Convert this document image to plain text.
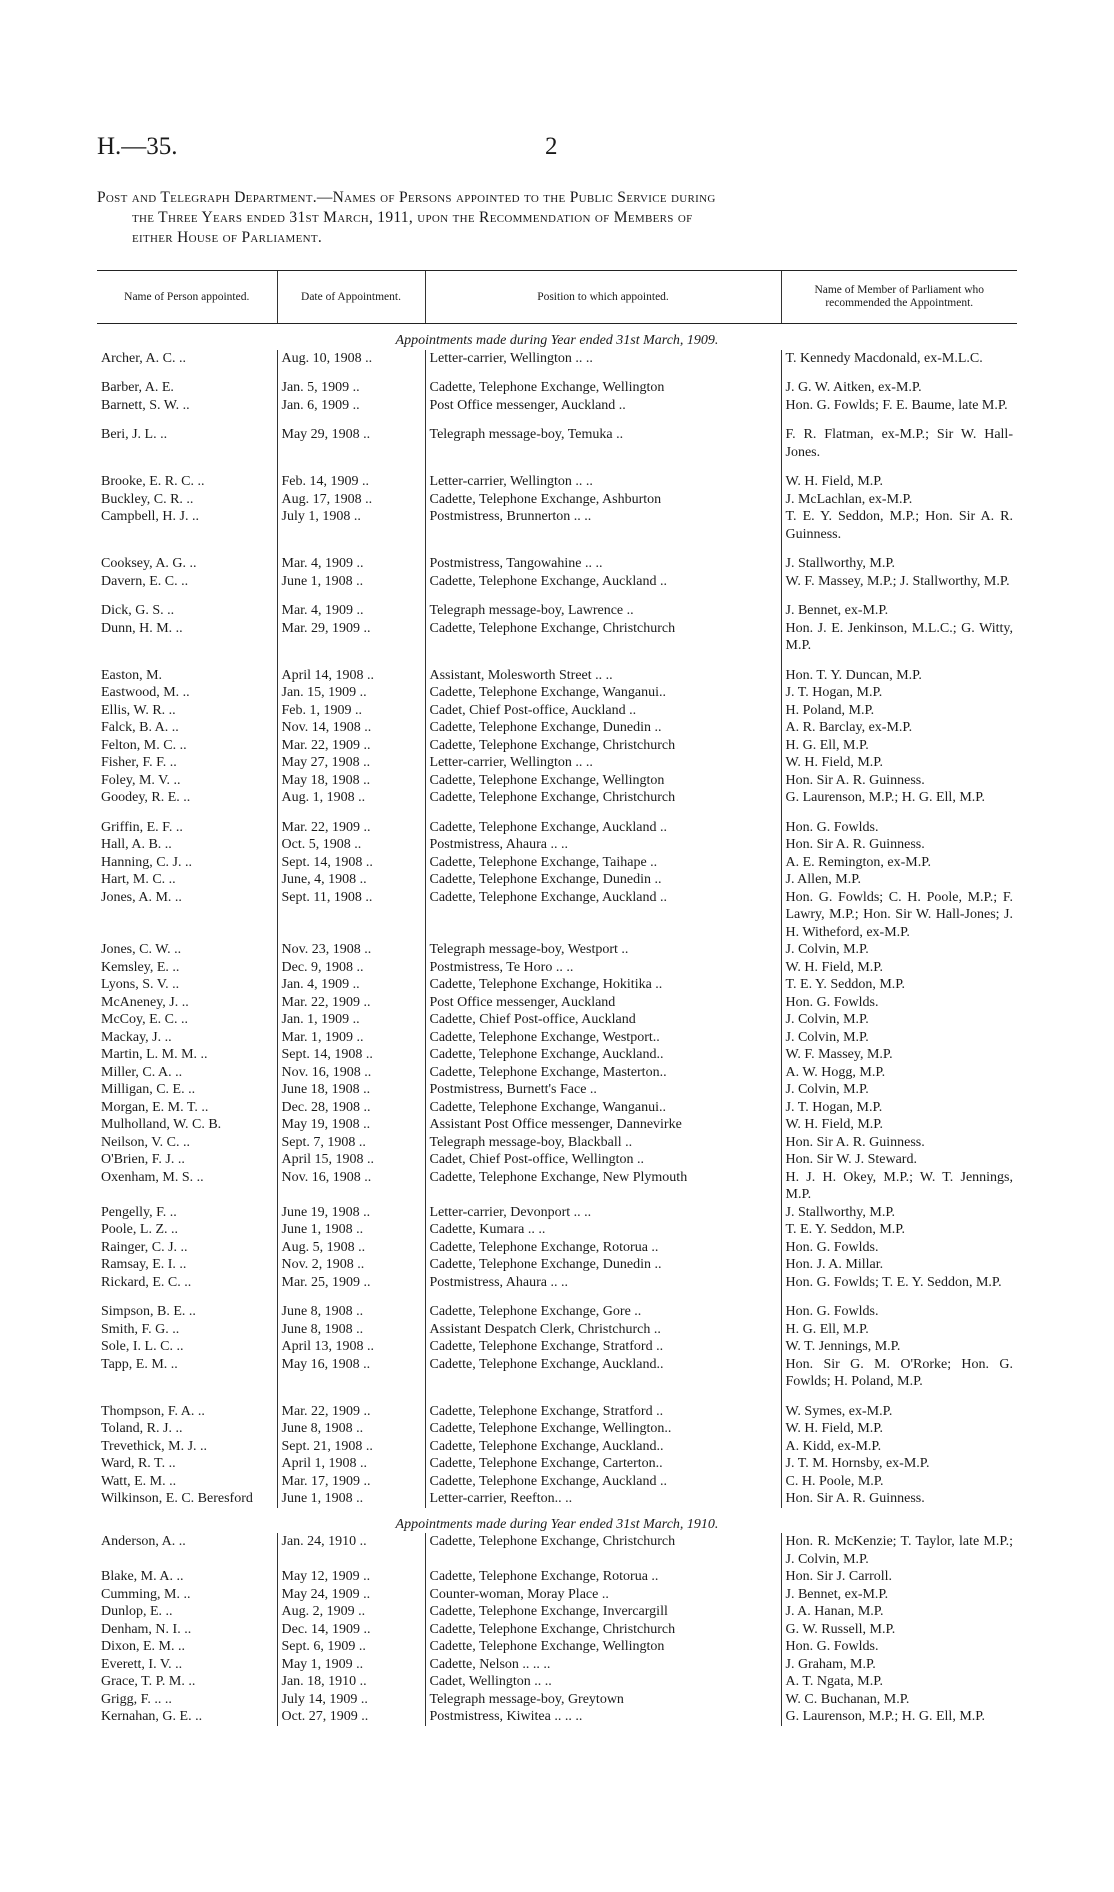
H.—35.	2
Post and Telegraph Department.—Names of Persons appointed to the Public Service during
the Three Years ended 31st March, 1911, upon the Recommendation of Members of
either House of Parliament.
Name of Person appointed.	Date of Appointment.	Position to which appointed.	Name of Member of Parliament who recommended the Appointment.
Appointments made during Year ended 31st March, 1909.			
Archer, A. C. ..	Aug. 10, 1908 ..	Letter-carrier, Wellington .. ..	T. Kennedy Macdonald, ex-M.L.C.
Barber, A. E.	Jan. 5, 1909 ..	Cadette, Telephone Exchange, Wellington	J. G. W. Aitken, ex-M.P.
Barnett, S. W. ..	Jan. 6, 1909 ..	Post Office messenger, Auckland ..	Hon. G. Fowlds; F. E. Baume, late M.P.
Beri, J. L. ..	May 29, 1908 ..	Telegraph message-boy, Temuka ..	F. R. Flatman, ex-M.P.; Sir W. Hall-Jones.
Brooke, E. R. C. ..	Feb. 14, 1909 ..	Letter-carrier, Wellington .. ..	W. H. Field, M.P.
Buckley, C. R. ..	Aug. 17, 1908 ..	Cadette, Telephone Exchange, Ashburton	J. McLachlan, ex-M.P.
Campbell, H. J. ..	July 1, 1908 ..	Postmistress, Brunnerton .. ..	T. E. Y. Seddon, M.P.; Hon. Sir A. R. Guinness.
Cooksey, A. G. ..	Mar. 4, 1909 ..	Postmistress, Tangowahine .. ..	J. Stallworthy, M.P.
Davern, E. C. ..	June 1, 1908 ..	Cadette, Telephone Exchange, Auckland ..	W. F. Massey, M.P.; J. Stallworthy, M.P.
Dick, G. S. ..	Mar. 4, 1909 ..	Telegraph message-boy, Lawrence ..	J. Bennet, ex-M.P.
Dunn, H. M. ..	Mar. 29, 1909 ..	Cadette, Telephone Exchange, Christchurch	Hon. J. E. Jenkinson, M.L.C.; G. Witty, M.P.
Easton, M.	April 14, 1908 ..	Assistant, Molesworth Street .. ..	Hon. T. Y. Duncan, M.P.
Eastwood, M. ..	Jan. 15, 1909 ..	Cadette, Telephone Exchange, Wanganui..	J. T. Hogan, M.P.
Ellis, W. R. ..	Feb. 1, 1909 ..	Cadet, Chief Post-office, Auckland ..	H. Poland, M.P.
Falck, B. A. ..	Nov. 14, 1908 ..	Cadette, Telephone Exchange, Dunedin ..	A. R. Barclay, ex-M.P.
Felton, M. C. ..	Mar. 22, 1909 ..	Cadette, Telephone Exchange, Christchurch	H. G. Ell, M.P.
Fisher, F. F. ..	May 27, 1908 ..	Letter-carrier, Wellington .. ..	W. H. Field, M.P.
Foley, M. V. ..	May 18, 1908 ..	Cadette, Telephone Exchange, Wellington	Hon. Sir A. R. Guinness.
Goodey, R. E. ..	Aug. 1, 1908 ..	Cadette, Telephone Exchange, Christchurch	G. Laurenson, M.P.; H. G. Ell, M.P.
Griffin, E. F. ..	Mar. 22, 1909 ..	Cadette, Telephone Exchange, Auckland ..	Hon. G. Fowlds.
Hall, A. B. ..	Oct. 5, 1908 ..	Postmistress, Ahaura .. ..	Hon. Sir A. R. Guinness.
Hanning, C. J. ..	Sept. 14, 1908 ..	Cadette, Telephone Exchange, Taihape ..	A. E. Remington, ex-M.P.
Hart, M. C. ..	June, 4, 1908 ..	Cadette, Telephone Exchange, Dunedin ..	J. Allen, M.P.
Jones, A. M. ..	Sept. 11, 1908 ..	Cadette, Telephone Exchange, Auckland ..	Hon. G. Fowlds; C. H. Poole, M.P.; F. Lawry, M.P.; Hon. Sir W. Hall-Jones; J. H. Witheford, ex-M.P.
Jones, C. W. ..	Nov. 23, 1908 ..	Telegraph message-boy, Westport ..	J. Colvin, M.P.
Kemsley, E. ..	Dec. 9, 1908 ..	Postmistress, Te Horo .. ..	W. H. Field, M.P.
Lyons, S. V. ..	Jan. 4, 1909 ..	Cadette, Telephone Exchange, Hokitika ..	T. E. Y. Seddon, M.P.
McAneney, J. ..	Mar. 22, 1909 ..	Post Office messenger, Auckland	Hon. G. Fowlds.
McCoy, E. C. ..	Jan. 1, 1909 ..	Cadette, Chief Post-office, Auckland	J. Colvin, M.P.
Mackay, J. ..	Mar. 1, 1909 ..	Cadette, Telephone Exchange, Westport..	J. Colvin, M.P.
Martin, L. M. M. ..	Sept. 14, 1908 ..	Cadette, Telephone Exchange, Auckland..	W. F. Massey, M.P.
Miller, C. A. ..	Nov. 16, 1908 ..	Cadette, Telephone Exchange, Masterton..	A. W. Hogg, M.P.
Milligan, C. E. ..	June 18, 1908 ..	Postmistress, Burnett's Face ..	J. Colvin, M.P.
Morgan, E. M. T. ..	Dec. 28, 1908 ..	Cadette, Telephone Exchange, Wanganui..	J. T. Hogan, M.P.
Mulholland, W. C. B.	May 19, 1908 ..	Assistant Post Office messenger, Dannevirke	W. H. Field, M.P.
Neilson, V. C. ..	Sept. 7, 1908 ..	Telegraph message-boy, Blackball ..	Hon. Sir A. R. Guinness.
O'Brien, F. J. ..	April 15, 1908 ..	Cadet, Chief Post-office, Wellington ..	Hon. Sir W. J. Steward.
Oxenham, M. S. ..	Nov. 16, 1908 ..	Cadette, Telephone Exchange, New Plymouth	H. J. H. Okey, M.P.; W. T. Jennings, M.P.
Pengelly, F. ..	June 19, 1908 ..	Letter-carrier, Devonport .. ..	J. Stallworthy, M.P.
Poole, L. Z. ..	June 1, 1908 ..	Cadette, Kumara .. ..	T. E. Y. Seddon, M.P.
Rainger, C. J. ..	Aug. 5, 1908 ..	Cadette, Telephone Exchange, Rotorua ..	Hon. G. Fowlds.
Ramsay, E. I. ..	Nov. 2, 1908 ..	Cadette, Telephone Exchange, Dunedin ..	Hon. J. A. Millar.
Rickard, E. C. ..	Mar. 25, 1909 ..	Postmistress, Ahaura .. ..	Hon. G. Fowlds; T. E. Y. Seddon, M.P.
Simpson, B. E. ..	June 8, 1908 ..	Cadette, Telephone Exchange, Gore ..	Hon. G. Fowlds.
Smith, F. G. ..	June 8, 1908 ..	Assistant Despatch Clerk, Christchurch ..	H. G. Ell, M.P.
Sole, I. L. C. ..	April 13, 1908 ..	Cadette, Telephone Exchange, Stratford ..	W. T. Jennings, M.P.
Tapp, E. M. ..	May 16, 1908 ..	Cadette, Telephone Exchange, Auckland..	Hon. Sir G. M. O'Rorke; Hon. G. Fowlds; H. Poland, M.P.
Thompson, F. A. ..	Mar. 22, 1909 ..	Cadette, Telephone Exchange, Stratford ..	W. Symes, ex-M.P.
Toland, R. J. ..	June 8, 1908 ..	Cadette, Telephone Exchange, Wellington..	W. H. Field, M.P.
Trevethick, M. J. ..	Sept. 21, 1908 ..	Cadette, Telephone Exchange, Auckland..	A. Kidd, ex-M.P.
Ward, R. T. ..	April 1, 1908 ..	Cadette, Telephone Exchange, Carterton..	J. T. M. Hornsby, ex-M.P.
Watt, E. M. ..	Mar. 17, 1909 ..	Cadette, Telephone Exchange, Auckland ..	C. H. Poole, M.P.
Wilkinson, E. C. Beresford	June 1, 1908 ..	Letter-carrier, Reefton.. ..	Hon. Sir A. R. Guinness.
Appointments made during Year ended 31st March, 1910.			
Anderson, A. ..	Jan. 24, 1910 ..	Cadette, Telephone Exchange, Christchurch	Hon. R. McKenzie; T. Taylor, late M.P.; J. Colvin, M.P.
Blake, M. A. ..	May 12, 1909 ..	Cadette, Telephone Exchange, Rotorua ..	Hon. Sir J. Carroll.
Cumming, M. ..	May 24, 1909 ..	Counter-woman, Moray Place ..	J. Bennet, ex-M.P.
Dunlop, E. ..	Aug. 2, 1909 ..	Cadette, Telephone Exchange, Invercargill	J. A. Hanan, M.P.
Denham, N. I. ..	Dec. 14, 1909 ..	Cadette, Telephone Exchange, Christchurch	G. W. Russell, M.P.
Dixon, E. M. ..	Sept. 6, 1909 ..	Cadette, Telephone Exchange, Wellington	Hon. G. Fowlds.
Everett, I. V. ..	May 1, 1909 ..	Cadette, Nelson .. .. ..	J. Graham, M.P.
Grace, T. P. M. ..	Jan. 18, 1910 ..	Cadet, Wellington .. ..	A. T. Ngata, M.P.
Grigg, F. .. ..	July 14, 1909 ..	Telegraph message-boy, Greytown	W. C. Buchanan, M.P.
Kernahan, G. E. ..	Oct. 27, 1909 ..	Postmistress, Kiwitea .. .. ..	G. Laurenson, M.P.; H. G. Ell, M.P.
